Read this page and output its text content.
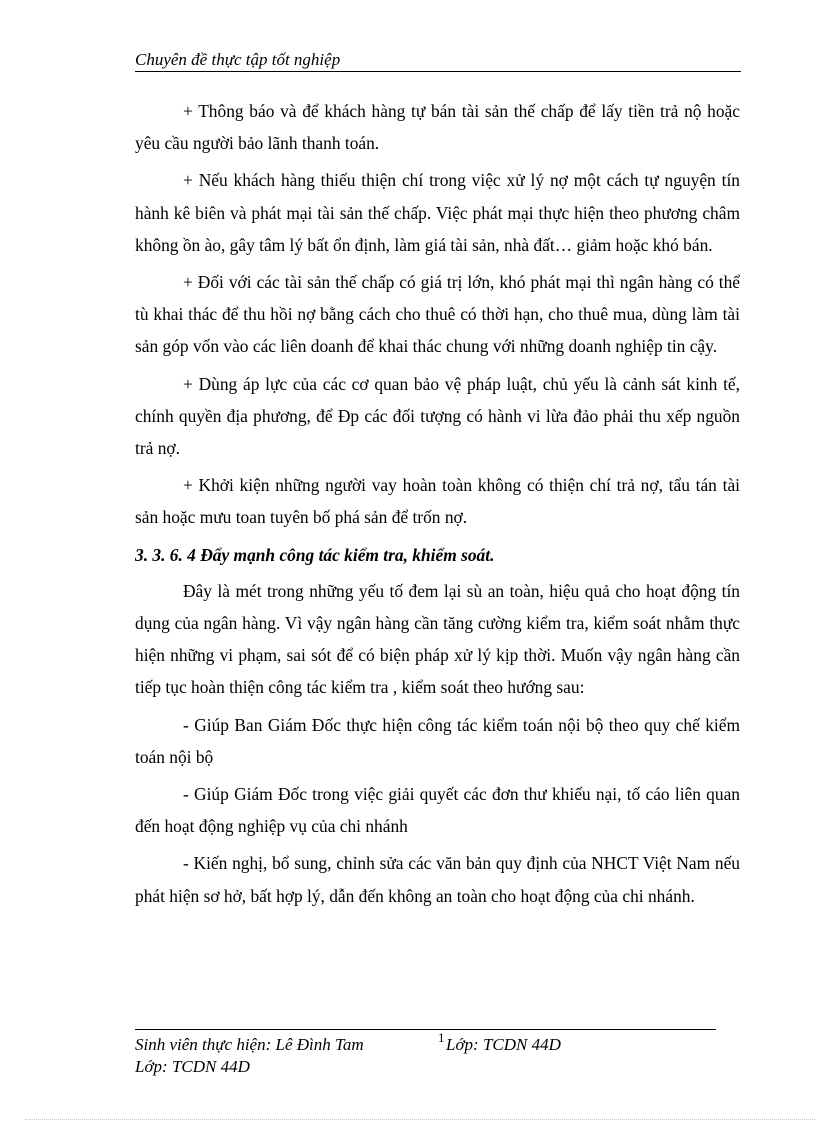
Chuyên đề thực tập tốt nghiệp

+ Thông báo và để khách hàng tự bán tài sản thế chấp để lấy tiền trả nộ hoặc yêu cầu người bảo lãnh thanh toán.

+ Nếu khách hàng thiếu thiện chí trong việc xử lý nợ một cách tự nguyện tín hành kê biên và phát mại tài sản thế chấp. Việc phát mại thực hiện theo phương châm không ồn ào, gây tâm lý bất ổn định, làm giá tài sản, nhà đất… giảm hoặc khó bán.

+ Đối với các tài sản thế chấp có giá trị lớn, khó phát mại thì ngân hàng có thể tù khai thác để thu hồi nợ bằng cách cho thuê có thời hạn, cho thuê mua, dùng làm tài sản góp vốn vào các liên doanh để khai thác chung với những doanh nghiệp tin cậy.

+ Dùng áp lực của các cơ quan bảo vệ pháp luật, chủ yếu là cảnh sát kinh tế, chính quyền địa phương, để Ðp các đối tượng có hành vi lừa đảo phải thu xếp nguồn trả nợ.

+ Khởi kiện những người vay hoàn toàn không có thiện chí trả nợ, tẩu tán tài sản hoặc mưu toan tuyên bố phá sản để trốn nợ.

3. 3. 6. 4 Đẩy mạnh công tác kiểm tra, khiểm soát.

Đây là mét trong những yếu tố đem lại sù an toàn, hiệu quả cho hoạt động tín dụng của ngân hàng. Vì vậy ngân hàng cần tăng cường kiểm tra, kiểm soát nhằm thực hiện những vi phạm, sai sót để có biện pháp xử lý kịp thời. Muốn vậy ngân hàng cần tiếp tục hoàn thiện công tác kiểm tra , kiểm soát theo hướng sau:

- Giúp Ban Giám Đốc thực hiện công tác kiểm toán nội bộ theo quy chế kiểm toán nội bộ

- Giúp Giám Đốc trong việc giải quyết các đơn thư khiếu nại, tố cáo liên quan đến hoạt động nghiệp vụ của chi nhánh

- Kiến nghị, bổ sung, chỉnh sửa các văn bản quy định của NHCT Việt Nam nếu phát hiện sơ hở, bất hợp lý, dẫn đến không an toàn cho hoạt động của chi nhánh.

Sinh viên thực hiện: Lê Đình Tam
Lớp: TCDN 44D
1 Lớp: TCDN 44D
